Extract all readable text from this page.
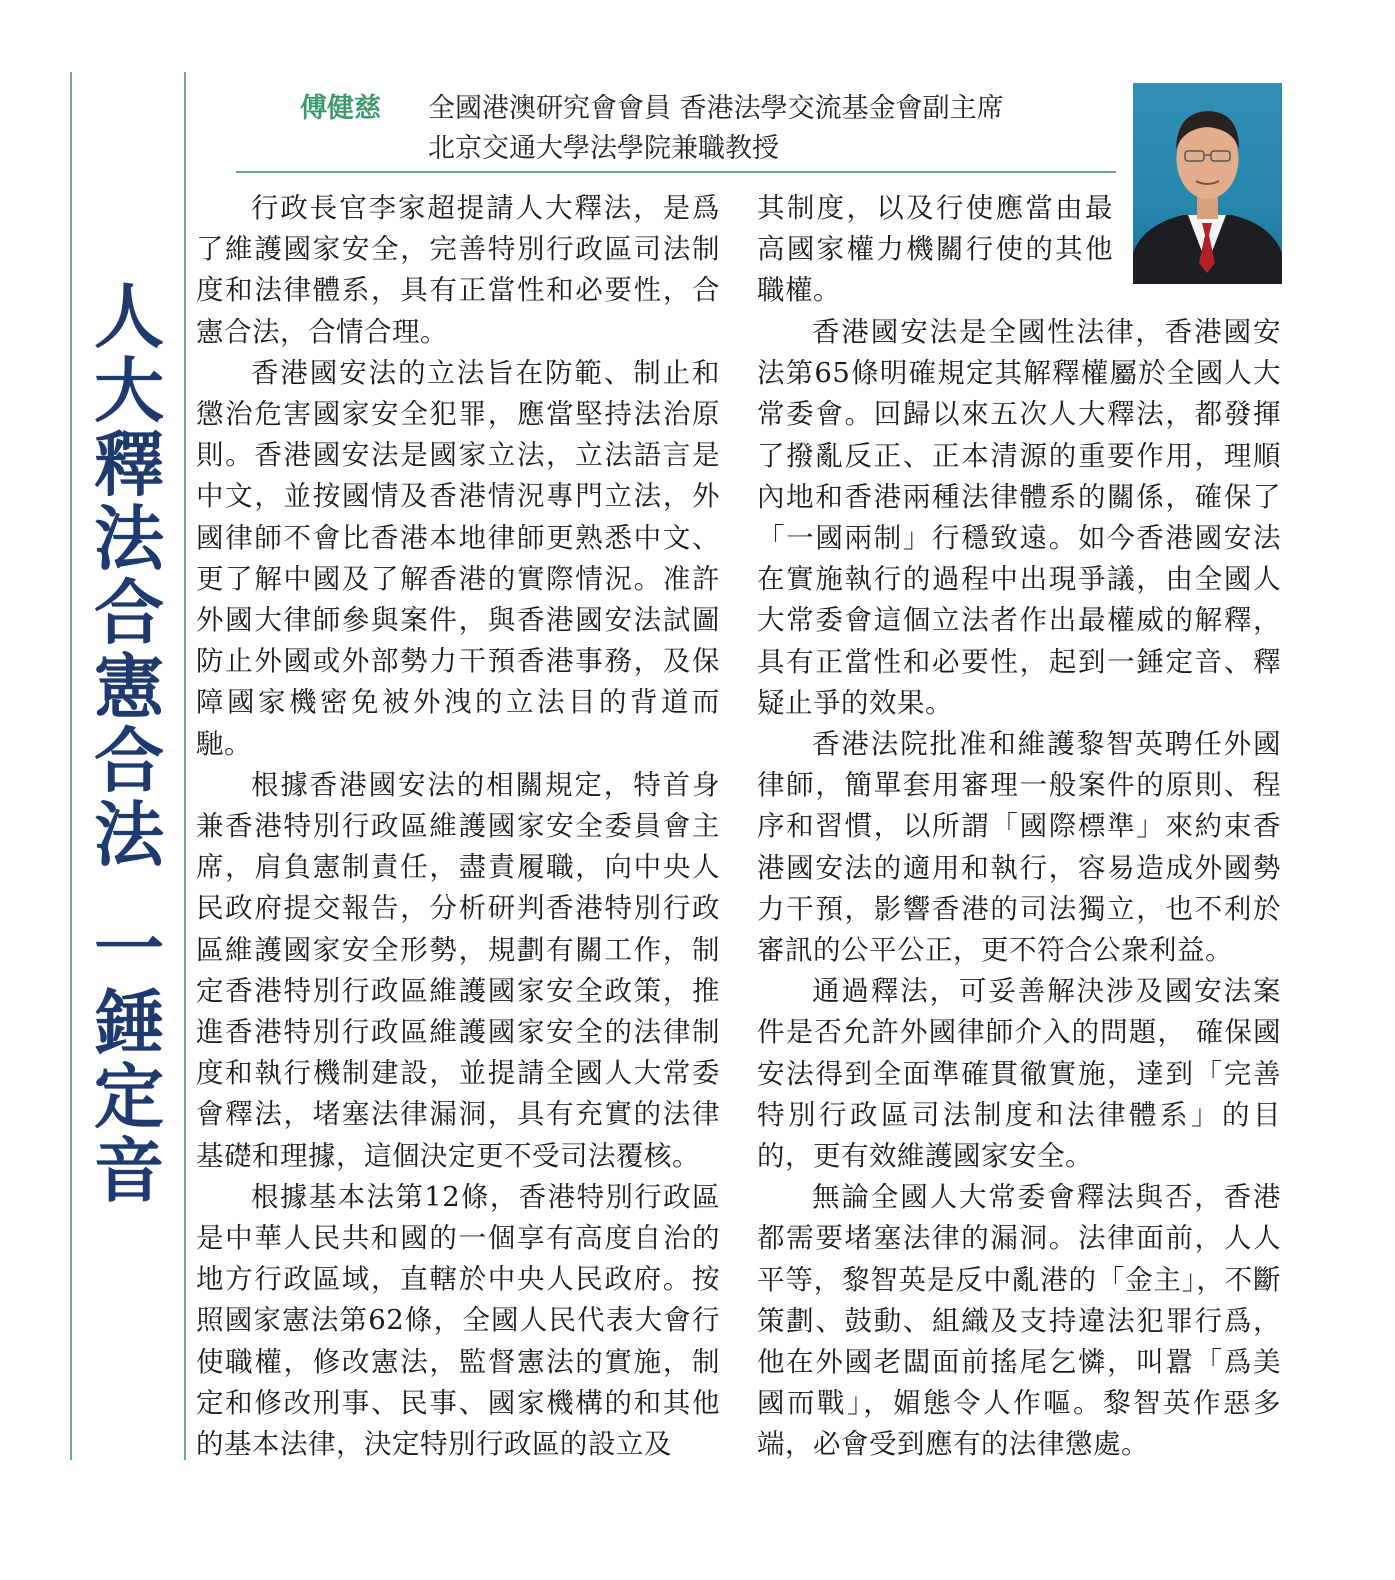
人
大
釋
法
合
憲
合
法
一
錘
定
音
傅健慈 全國港澳研究會會員 香港法學交流基金會副主席
北京交通大學法學院兼職教授

行政長官李家超提請人大釋法，是爲了維護國家安全，完善特別行政區司法制度和法律體系，具有正當性和必要性，合憲合法，合情合理。

香港國安法的立法旨在防範、制止和懲治危害國家安全犯罪，應當堅持法治原則。香港國安法是國家立法，立法語言是中文，並按國情及香港情況專門立法，外國律師不會比香港本地律師更熟悉中文、更了解中國及了解香港的實際情況。准許外國大律師參與案件，與香港國安法試圖防止外國或外部勢力干預香港事務，及保障國家機密免被外洩的立法目的背道而馳。

根據香港國安法的相關規定，特首身兼香港特別行政區維護國家安全委員會主席，肩負憲制責任，盡責履職，向中央人民政府提交報告，分析研判香港特別行政區維護國家安全形勢，規劃有關工作，制定香港特別行政區維護國家安全政策，推進香港特別行政區維護國家安全的法律制度和執行機制建設，並提請全國人大常委會釋法，堵塞法律漏洞，具有充實的法律基礎和理據，這個決定更不受司法覆核。

根據基本法第12條，香港特別行政區是中華人民共和國的一個享有高度自治的地方行政區域，直轄於中央人民政府。按照國家憲法第62條，全國人民代表大會行使職權，修改憲法，監督憲法的實施，制定和修改刑事、民事、國家機構的和其他的基本法律，決定特別行政區的設立及

其制度，以及行使應當由最高國家權力機關行使的其他職權。

香港國安法是全國性法律，香港國安法第65條明確規定其解釋權屬於全國人大常委會。回歸以來五次人大釋法，都發揮了撥亂反正、正本清源的重要作用，理順內地和香港兩種法律體系的關係，確保了「一國兩制」行穩致遠。如今香港國安法在實施執行的過程中出現爭議，由全國人大常委會這個立法者作出最權威的解釋，具有正當性和必要性，起到一錘定音、釋疑止爭的效果。

香港法院批准和維護黎智英聘任外國律師，簡單套用審理一般案件的原則、程序和習慣，以所謂「國際標準」來約束香港國安法的適用和執行，容易造成外國勢力干預，影響香港的司法獨立，也不利於審訊的公平公正，更不符合公衆利益。

通過釋法，可妥善解決涉及國安法案件是否允許外國律師介入的問題， 確保國安法得到全面準確貫徹實施，達到「完善特別行政區司法制度和法律體系」的目的，更有效維護國家安全。

無論全國人大常委會釋法與否，香港都需要堵塞法律的漏洞。法律面前，人人平等，黎智英是反中亂港的「金主」，不斷策劃、鼓動、組織及支持違法犯罪行爲，他在外國老闆面前搖尾乞憐，叫囂「爲美國而戰」，媚態令人作嘔。黎智英作惡多端，必會受到應有的法律懲處。
